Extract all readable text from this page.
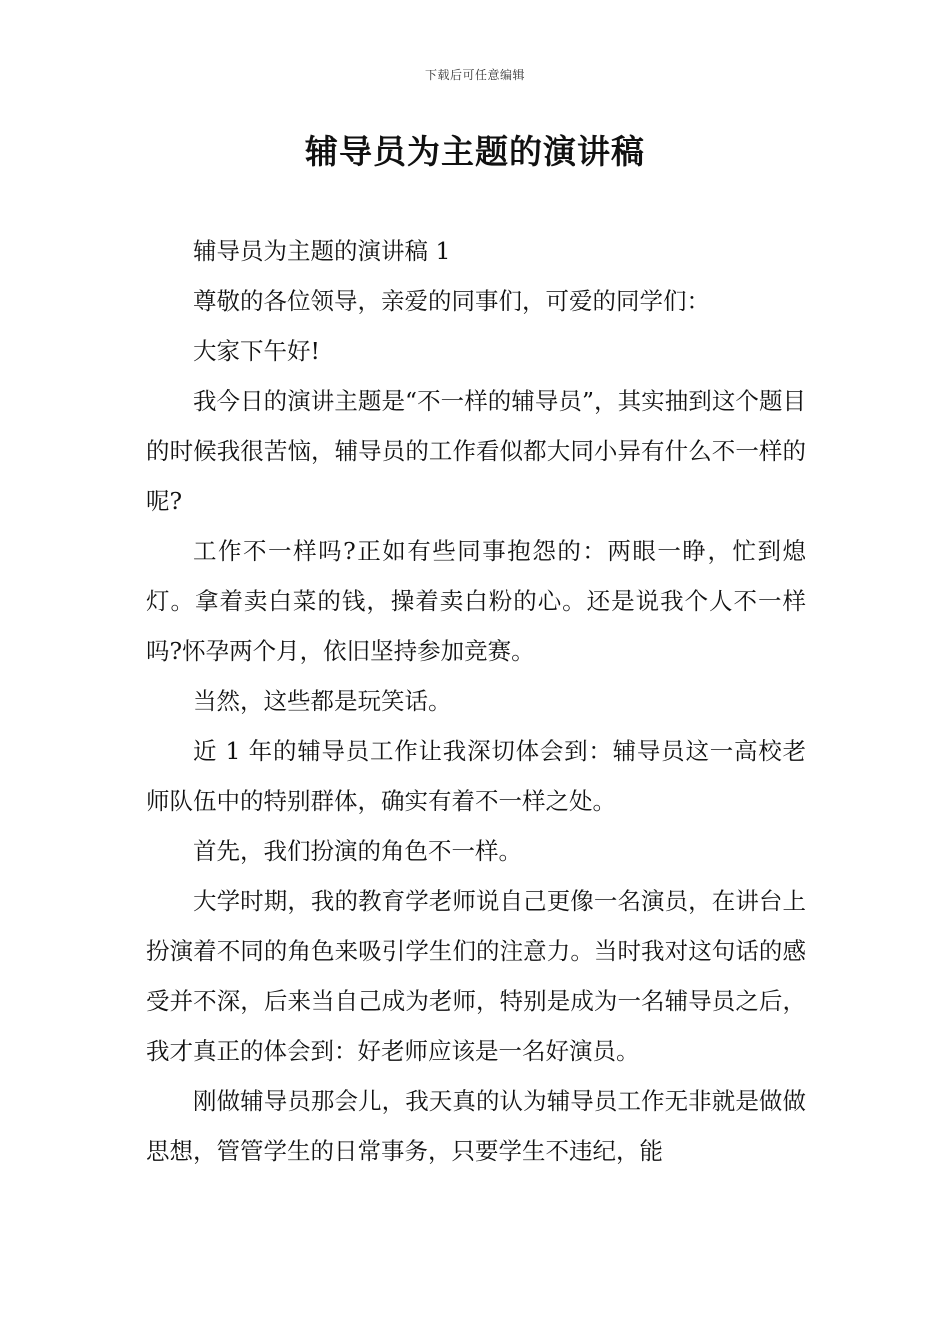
下载后可任意编辑
辅导员为主题的演讲稿

辅导员为主题的演讲稿 1

尊敬的各位领导，亲爱的同事们，可爱的同学们：

大家下午好!

我今日的演讲主题是“不一样的辅导员”，其实抽到这个题目的时候我很苦恼，辅导员的工作看似都大同小异有什么不一样的呢?

工作不一样吗?正如有些同事抱怨的：两眼一睁，忙到熄灯。拿着卖白菜的钱，操着卖白粉的心。还是说我个人不一样吗?怀孕两个月，依旧坚持参加竞赛。

当然，这些都是玩笑话。

近 1 年的辅导员工作让我深切体会到：辅导员这一高校老师队伍中的特别群体，确实有着不一样之处。

首先，我们扮演的角色不一样。

大学时期，我的教育学老师说自己更像一名演员，在讲台上扮演着不同的角色来吸引学生们的注意力。当时我对这句话的感受并不深，后来当自己成为老师，特别是成为一名辅导员之后，我才真正的体会到：好老师应该是一名好演员。

刚做辅导员那会儿，我天真的认为辅导员工作无非就是做做思想，管管学生的日常事务，只要学生不违纪，能
